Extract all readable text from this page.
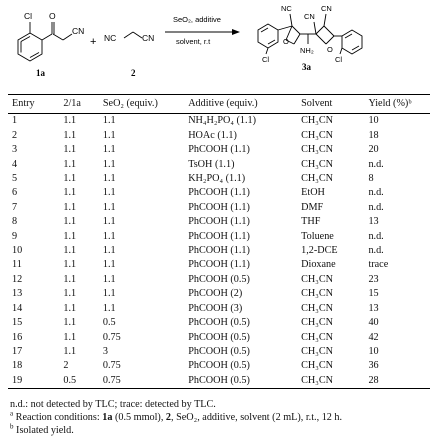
Cl O
CN
1a
+ NC	CN
2
SeO₂, additive
solvent, r.t
NC
CN
CN
O
O
NH₂
Cl	Cl
3a
Entry	2/1a	SeO₂ (equiv.)	Additive (equiv.)	Solvent	Yield (%)ᵇ
1	1.1	1.1	NH₄H₂PO₄ (1.1)	CH₃CN	10
2	1.1	1.1	HOAc (1.1)	CH₃CN	18
3	1.1	1.1	PhCOOH (1.1)	CH₃CN	20
4	1.1	1.1	TsOH (1.1)	CH₃CN	n.d.
5	1.1	1.1	KH₂PO₄ (1.1)	CH₃CN	8
6	1.1	1.1	PhCOOH (1.1)	EtOH	n.d.
7	1.1	1.1	PhCOOH (1.1)	DMF	n.d.
8	1.1	1.1	PhCOOH (1.1)	THF	13
9	1.1	1.1	PhCOOH (1.1)	Toluene	n.d.
10	1.1	1.1	PhCOOH (1.1)	1,2-DCE	n.d.
11	1.1	1.1	PhCOOH (1.1)	Dioxane	trace
12	1.1	1.1	PhCOOH (0.5)	CH₃CN	23
13	1.1	1.1	PhCOOH (2)	CH₃CN	15
14	1.1	1.1	PhCOOH (3)	CH₃CN	13
15	1.1	0.5	PhCOOH (0.5)	CH₃CN	40
16	1.1	0.75	PhCOOH (0.5)	CH₃CN	42
17	1.1	3	PhCOOH (0.5)	CH₃CN	10
18	2	0.75	PhCOOH (0.5)	CH₃CN	36
19	0.5	0.75	PhCOOH (0.5)	CH₃CN	28
n.d.: not detected by TLC; trace: detected by TLC.
$^a$ Reaction conditions: 1a (0.5 mmol), 2, SeO₂, additive, solvent (2 mL), r.t., 12 h.
$^b$ Isolated yield.
